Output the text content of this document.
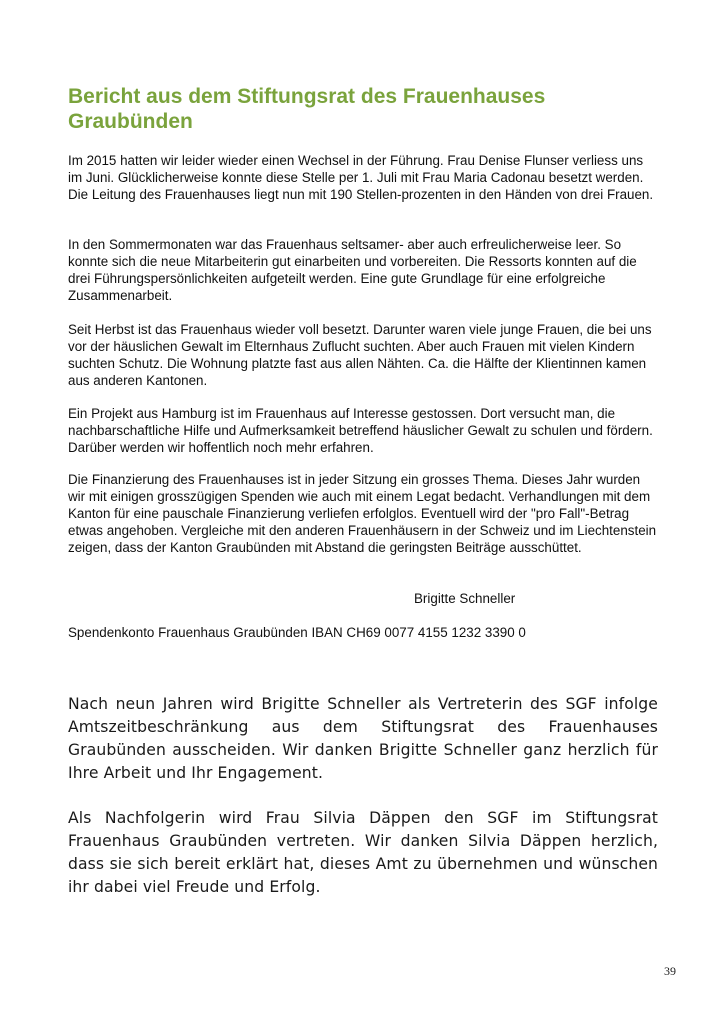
Bericht aus dem Stiftungsrat des Frauenhauses Graubünden

Im 2015 hatten wir leider wieder einen Wechsel in der Führung. Frau Denise Flunser verliess uns im Juni. Glücklicherweise konnte diese Stelle per 1. Juli mit Frau Maria Cadonau besetzt werden. Die Leitung des Frauenhauses liegt nun mit 190 Stellen-prozenten in den Händen von drei Frauen.

In den Sommermonaten war das Frauenhaus seltsamer- aber auch erfreulicherweise leer. So konnte sich die neue Mitarbeiterin gut einarbeiten und vorbereiten. Die Ressorts konnten auf die drei Führungspersönlichkeiten aufgeteilt werden. Eine gute Grundlage für eine erfolgreiche Zusammenarbeit.

Seit Herbst ist das Frauenhaus wieder voll besetzt. Darunter waren viele junge Frauen, die bei uns vor der häuslichen Gewalt im Elternhaus Zuflucht suchten. Aber auch Frauen mit vielen Kindern suchten Schutz. Die Wohnung platzte fast aus allen Nähten. Ca. die Hälfte der Klientinnen kamen aus anderen Kantonen.

Ein Projekt aus Hamburg ist im Frauenhaus auf Interesse gestossen. Dort versucht man, die nachbarschaftliche Hilfe und Aufmerksamkeit betreffend häuslicher Gewalt zu schulen und fördern. Darüber werden wir hoffentlich noch mehr erfahren.

Die Finanzierung des Frauenhauses ist in jeder Sitzung ein grosses Thema. Dieses Jahr wurden wir mit einigen grosszügigen Spenden wie auch mit einem Legat bedacht. Verhandlungen mit dem Kanton für eine pauschale Finanzierung verliefen erfolglos. Eventuell wird der "pro Fall"-Betrag etwas angehoben. Vergleiche mit den anderen Frauenhäusern in der Schweiz und im Liechtenstein zeigen, dass der Kanton Graubünden mit Abstand die geringsten Beiträge ausschüttet.

Brigitte Schneller

Spendenkonto Frauenhaus Graubünden IBAN CH69 0077 4155 1232 3390 0

Nach neun Jahren wird Brigitte Schneller als Vertreterin des SGF infolge Amtszeitbeschränkung aus dem Stiftungsrat des Frauenhauses Graubünden ausscheiden. Wir danken Brigitte Schneller ganz herzlich für Ihre Arbeit und Ihr Engagement.

Als Nachfolgerin wird Frau Silvia Däppen den SGF im Stiftungsrat Frauenhaus Graubünden vertreten. Wir danken Silvia Däppen herzlich, dass sie sich bereit erklärt hat, dieses Amt zu übernehmen und wünschen ihr dabei viel Freude und Erfolg.

39
